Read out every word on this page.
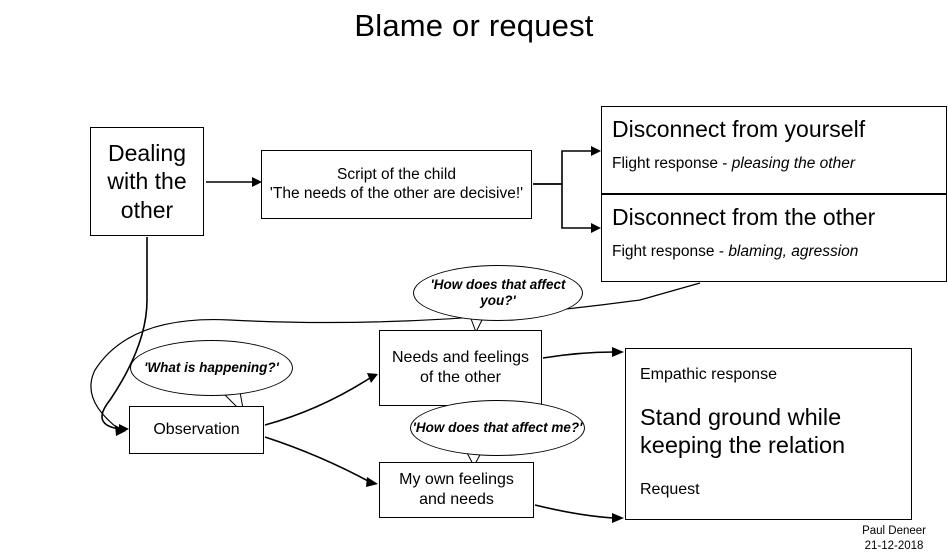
Blame or request
Dealing with the other
Script of the child
'The needs of the other are decisive!'
Disconnect from yourself
Flight response - pleasing the other
Disconnect from the other
Fight response - blaming, agression
Needs and feelings of the other
Observation
My own feelings and needs
Empathic response
Stand ground while keeping the relation
Request
'How does that affect you?'
'What is happening?'
'How does that affect me?'
Paul Deneer
21-12-2018
